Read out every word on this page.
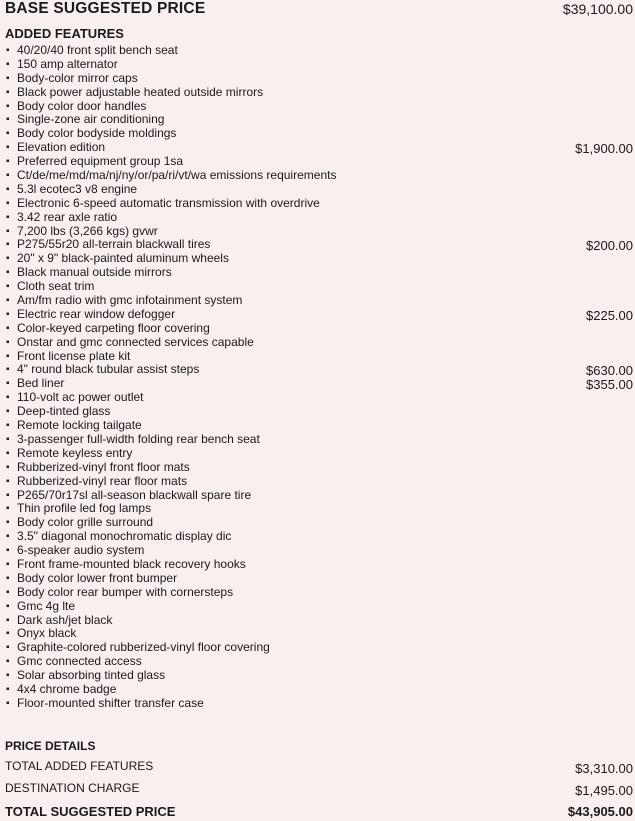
BASE SUGGESTED PRICE	$39,100.00
ADDED FEATURES
▪ 40/20/40 front split bench seat
▪ 150 amp alternator
▪ Body-color mirror caps
▪ Black power adjustable heated outside mirrors
▪ Body color door handles
▪ Single-zone air conditioning
▪ Body color bodyside moldings
▪ Elevation edition	$1,900.00
▪ Preferred equipment group 1sa
▪ Ct/de/me/md/ma/nj/ny/or/pa/ri/vt/wa emissions requirements
▪ 5.3l ecotec3 v8 engine
▪ Electronic 6-speed automatic transmission with overdrive
▪ 3.42 rear axle ratio
▪ 7,200 lbs (3,266 kgs) gvwr
▪ P275/55r20 all-terrain blackwall tires	$200.00
▪ 20" x 9" black-painted aluminum wheels
▪ Black manual outside mirrors
▪ Cloth seat trim
▪ Am/fm radio with gmc infotainment system
▪ Electric rear window defogger	$225.00
▪ Color-keyed carpeting floor covering
▪ Onstar and gmc connected services capable
▪ Front license plate kit
▪ 4" round black tubular assist steps	$630.00
▪ Bed liner	$355.00
▪ 110-volt ac power outlet
▪ Deep-tinted glass
▪ Remote locking tailgate
▪ 3-passenger full-width folding rear bench seat
▪ Remote keyless entry
▪ Rubberized-vinyl front floor mats
▪ Rubberized-vinyl rear floor mats
▪ P265/70r17sl all-season blackwall spare tire
▪ Thin profile led fog lamps
▪ Body color grille surround
▪ 3.5" diagonal monochromatic display dic
▪ 6-speaker audio system
▪ Front frame-mounted black recovery hooks
▪ Body color lower front bumper
▪ Body color rear bumper with cornersteps
▪ Gmc 4g lte
▪ Dark ash/jet black
▪ Onyx black
▪ Graphite-colored rubberized-vinyl floor covering
▪ Gmc connected access
▪ Solar absorbing tinted glass
▪ 4x4 chrome badge
▪ Floor-mounted shifter transfer case
PRICE DETAILS
TOTAL ADDED FEATURES	$3,310.00
DESTINATION CHARGE	$1,495.00
TOTAL SUGGESTED PRICE	$43,905.00
